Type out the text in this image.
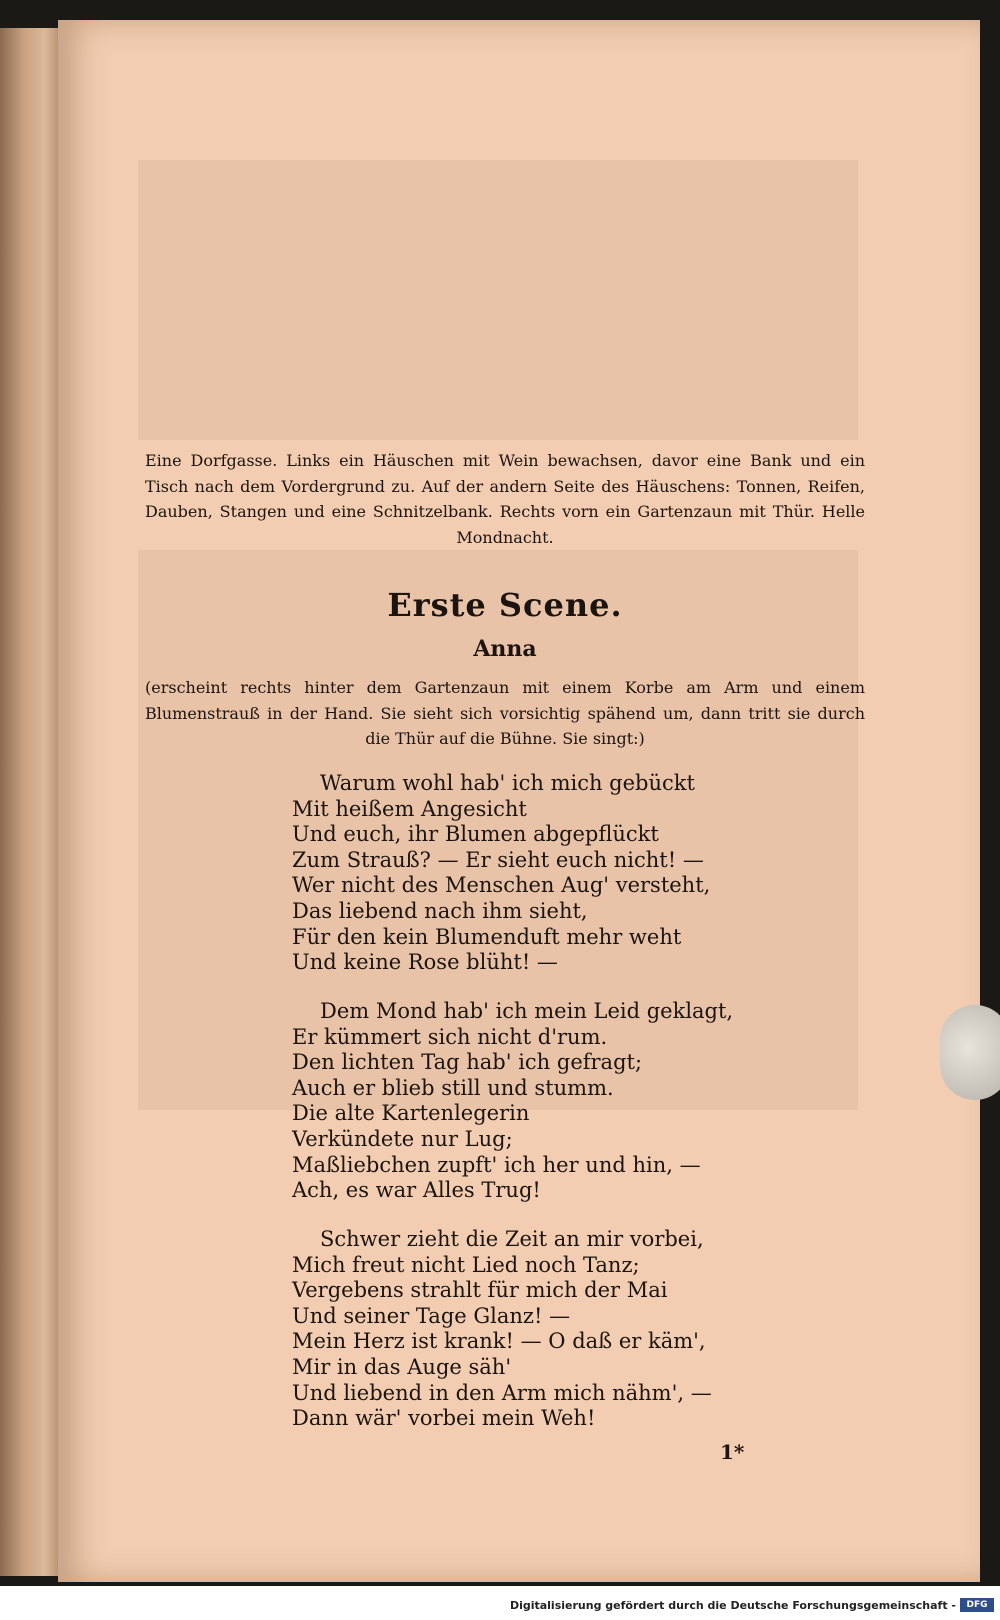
Eine Dorfgasse. Links ein Häuschen mit Wein bewachsen, davor eine Bank und ein Tisch nach dem Vordergrund zu. Auf der andern Seite des Häuschens: Tonnen, Reifen, Dauben, Stangen und eine Schnitzelbank. Rechts vorn ein Gartenzaun mit Thür. Helle Mondnacht.
Erste Scene.
Anna
(erscheint rechts hinter dem Gartenzaun mit einem Korbe am Arm und einem Blumenstrauß in der Hand. Sie sieht sich vorsichtig spähend um, dann tritt sie durch die Thür auf die Bühne. Sie singt:)
Warum wohl hab' ich mich gebückt
Mit heißem Angesicht
Und euch, ihr Blumen abgepflückt
Zum Strauß? — Er sieht euch nicht! —
Wer nicht des Menschen Aug' versteht,
Das liebend nach ihm sieht,
Für den kein Blumenduft mehr weht
Und keine Rose blüht! —
Dem Mond hab' ich mein Leid geklagt,
Er kümmert sich nicht d'rum.
Den lichten Tag hab' ich gefragt;
Auch er blieb still und stumm.
Die alte Kartenlegerin
Verkündete nur Lug;
Maßliebchen zupft' ich her und hin, —
Ach, es war Alles Trug!
Schwer zieht die Zeit an mir vorbei,
Mich freut nicht Lied noch Tanz;
Vergebens strahlt für mich der Mai
Und seiner Tage Glanz! —
Mein Herz ist krank! — O daß er käm',
Mir in das Auge säh'
Und liebend in den Arm mich nähm', —
Dann wär' vorbei mein Weh!
1*
Digitalisierung gefördert durch die Deutsche Forschungsgemeinschaft -	DFG
